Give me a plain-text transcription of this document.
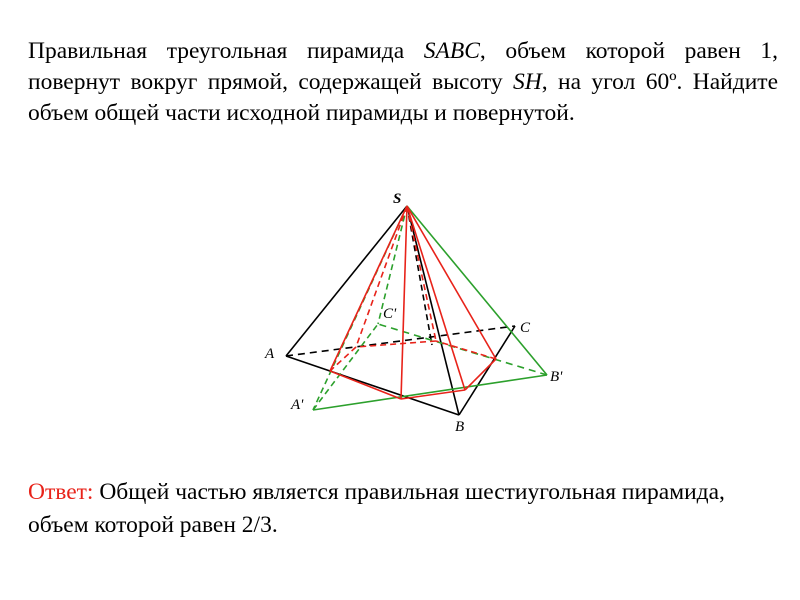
Правильная треугольная пирамида SABC, объем которой равен 1, повернут вокруг прямой, содержащей высоту SH, на угол 60º. Найдите объем общей части исходной пирамиды и повернутой.
S
A
B
C
A'
B'
C'
Ответ: Общей частью является правильная шестиугольная пирамида, объем которой равен 2/3.
